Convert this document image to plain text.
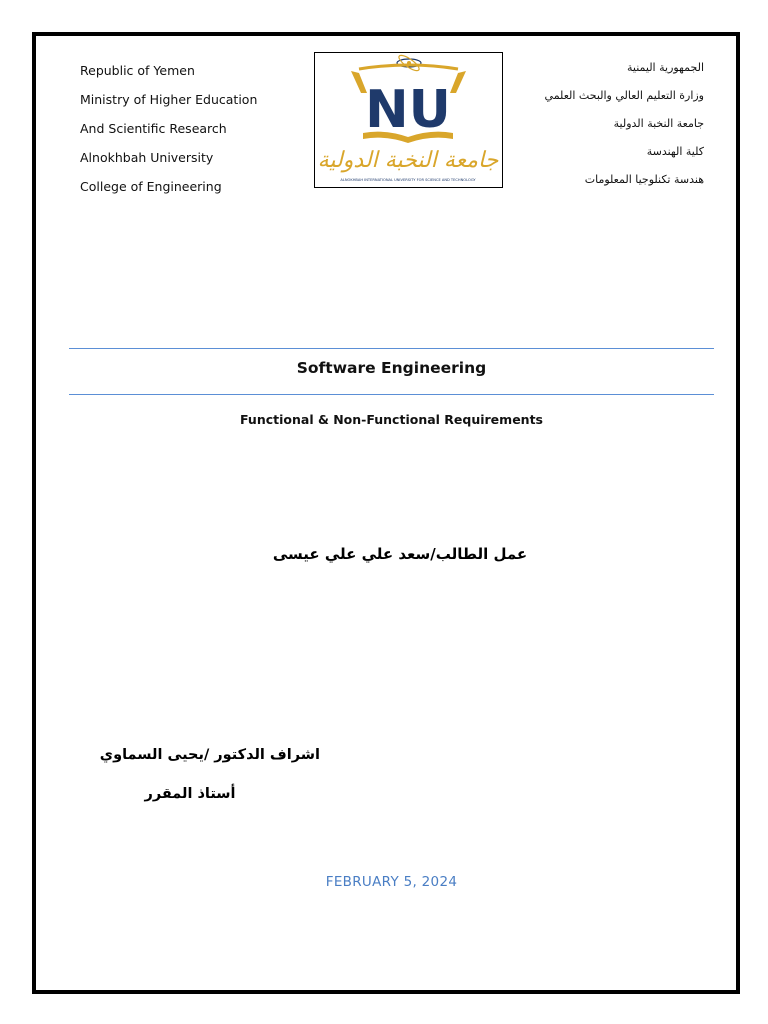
Republic of Yemen
Ministry of Higher Education
And Scientific Research
Alnokhbah University
College of Engineering
NU
جامعة النخبة الدولية
ALNOKHBAH INTERNATIONAL UNIVERSITY FOR SCIENCE AND TECHNOLOGY
الجمهورية اليمنية
وزارة التعليم العالي والبحث العلمي
جامعة النخبة الدولية
كلية الهندسة
هندسة تكنلوجيا المعلومات
Software Engineering
Functional & Non-Functional Requirements
عمل الطالب/سعد علي علي عيسى
اشراف الدكتور /يحيى السماوي
أستاذ المقرر
FEBRUARY 5, 2024
